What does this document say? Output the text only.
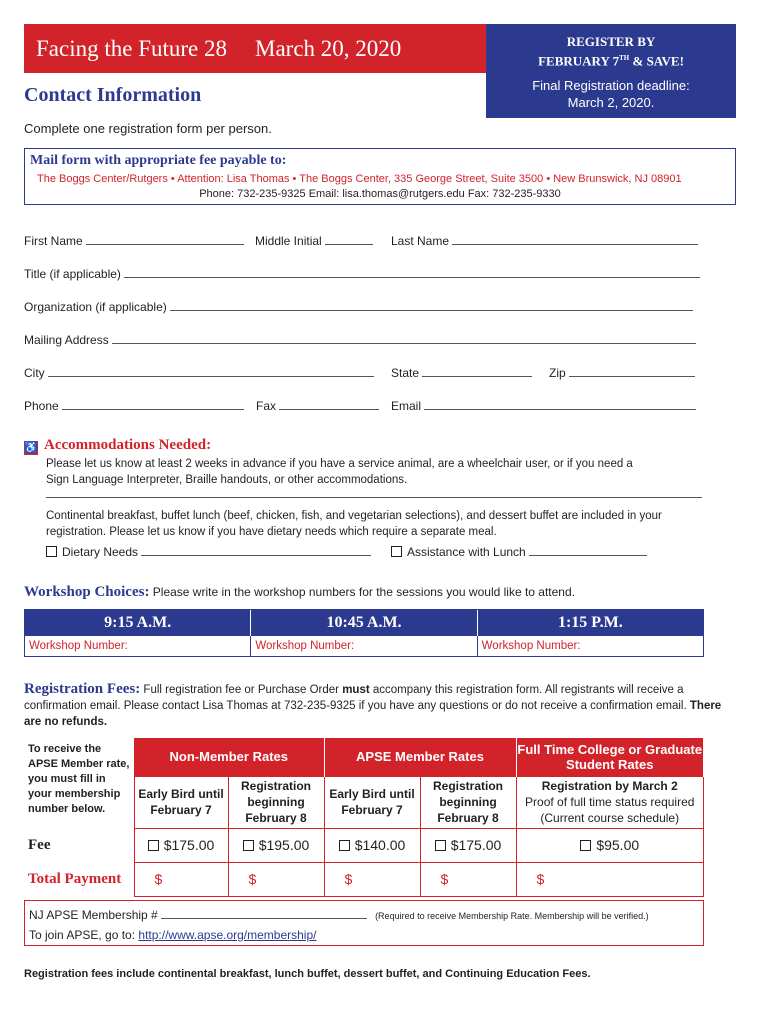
Facing the Future 28 March 20, 2020	REGISTER BY
FEBRUARY 7TH & SAVE!
Final Registration deadline:
March 2, 2020.
Contact Information
Complete one registration form per person.
Mail form with appropriate fee payable to:
The Boggs Center/Rutgers • Attention: Lisa Thomas • The Boggs Center, 335 George Street, Suite 3500 • New Brunswick, NJ 08901
Phone: 732-235-9325 Email: lisa.thomas@rutgers.edu Fax: 732-235-9330
First Name	Middle Initial	Last Name
Title (if applicable)
Organization (if applicable)
Mailing Address
City	State	Zip
Phone	Fax	Email
♿ Accommodations Needed:
Please let us know at least 2 weeks in advance if you have a service animal, are a wheelchair user, or if you need a
Sign Language Interpreter, Braille handouts, or other accommodations.
Continental breakfast, buffet lunch (beef, chicken, fish, and vegetarian selections), and dessert buffet are included in your
registration. Please let us know if you have dietary needs which require a separate meal.
Dietary Needs	Assistance with Lunch
Workshop Choices: Please write in the workshop numbers for the sessions you would like to attend.
9:15 A.M.	10:45 A.M.	1:15 P.M.
Workshop Number:	Workshop Number:	Workshop Number:
Registration Fees: Full registration fee or Purchase Order must accompany this registration form. All registrants will receive a confirmation email. Please contact Lisa Thomas at 732-235-9325 if you have any questions or do not receive a confirmation email. There are no refunds.
To receive the APSE Member rate, you must fill in your membership number below.	Non-Member Rates		APSE Member Rates		Full Time College or Graduate Student Rates
	Early Bird until February 7	Registration beginning February 8	Early Bird until February 7	Registration beginning February 8	Registration by March 2
Proof of full time status required
(Current course schedule)
Fee	$175.00	$195.00	$140.00	$175.00	$95.00
Total Payment	$	$	$	$	$
NJ APSE Membership #	(Required to receive Membership Rate. Membership will be verified.)
To join APSE, go to: http://www.apse.org/membership/
Registration fees include continental breakfast, lunch buffet, dessert buffet, and Continuing Education Fees.
